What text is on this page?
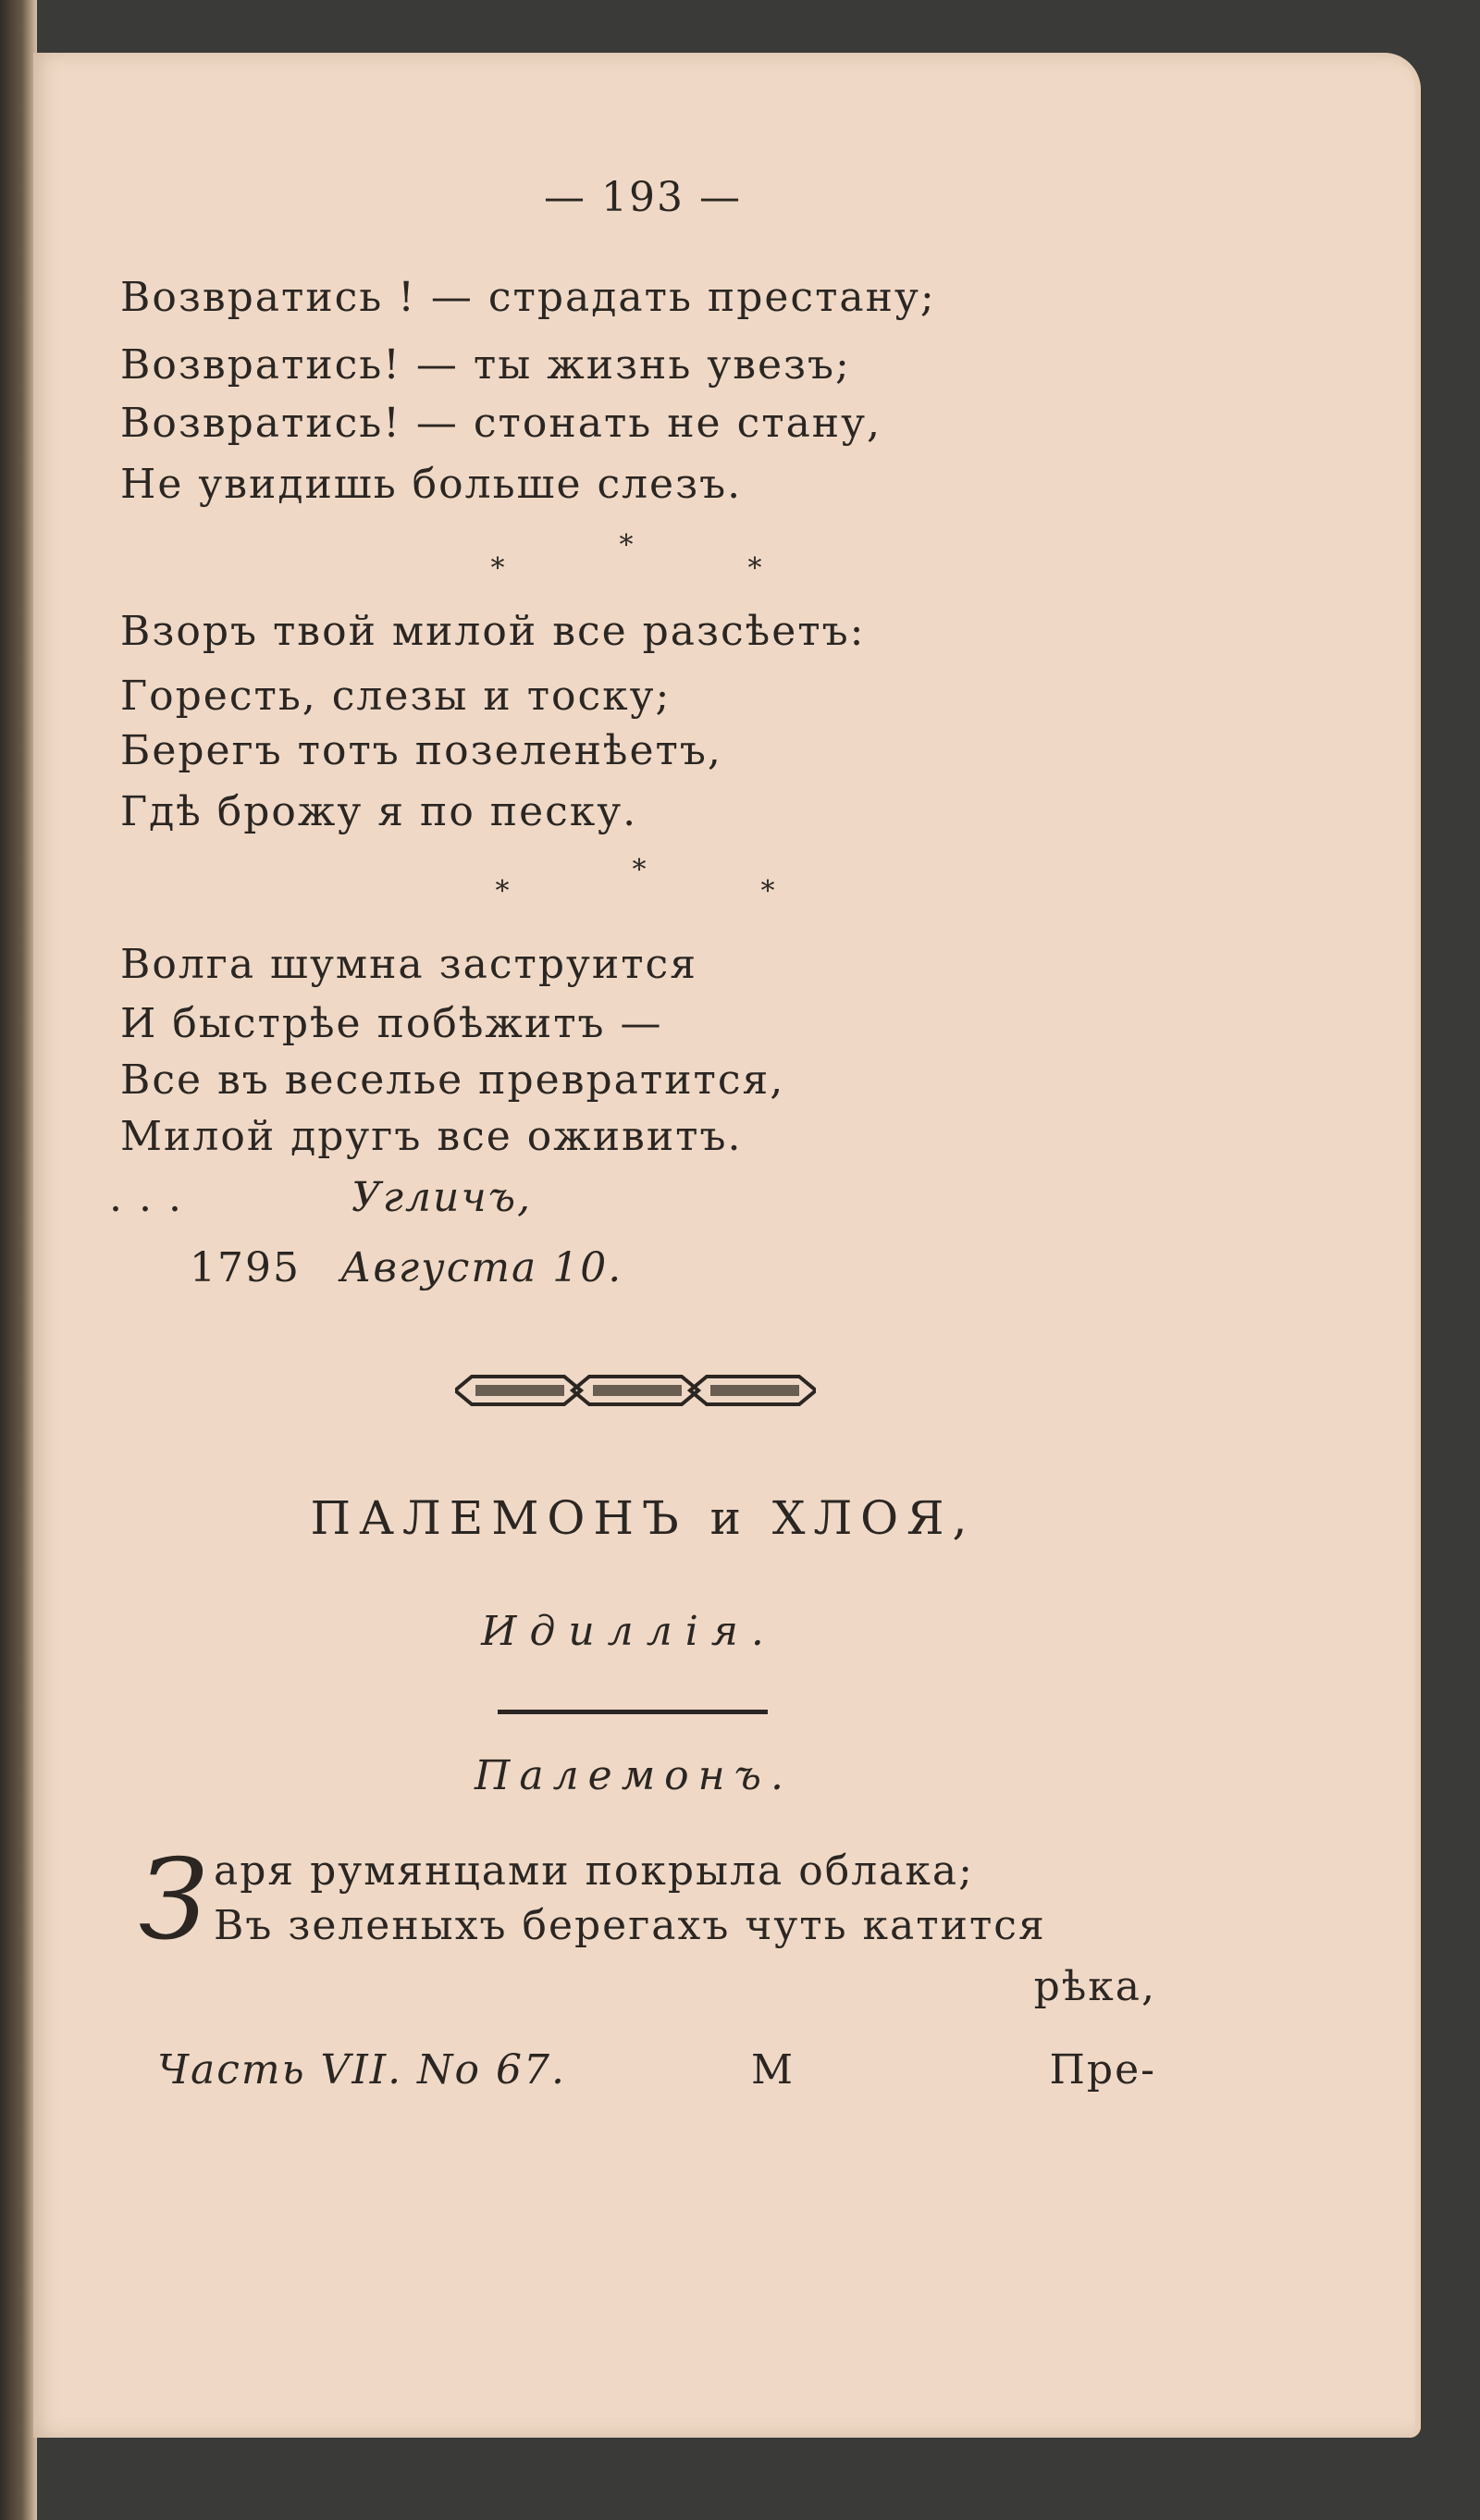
— 193 —
Возвратись ! — страдать престану;
Возвратись! — ты жизнь увезъ;
Возвратись! — стонать не стану,
Не увидишь больше слезъ.
*
*	*
Взоръ твой милой все разсѣетъ:
Горесть, слезы и тоску;
Берегъ тотъ позеленѣетъ,
Гдѣ брожу я по песку.
*
*	*
Волга шумна заструится
И быстрѣе побѣжитъ —
Все въ веселье превратится,
Милой другъ все оживитъ.
. . .	Угличъ,
1795 Августа 10.
ПАЛЕМОНЪ и ХЛОЯ,
Идиллія.
Палемонъ.
З аря румянцами покрыла облака;
Въ зеленыхъ берегахъ чуть катится
рѣка,
Часть VII. No 67.	М	Пре-
